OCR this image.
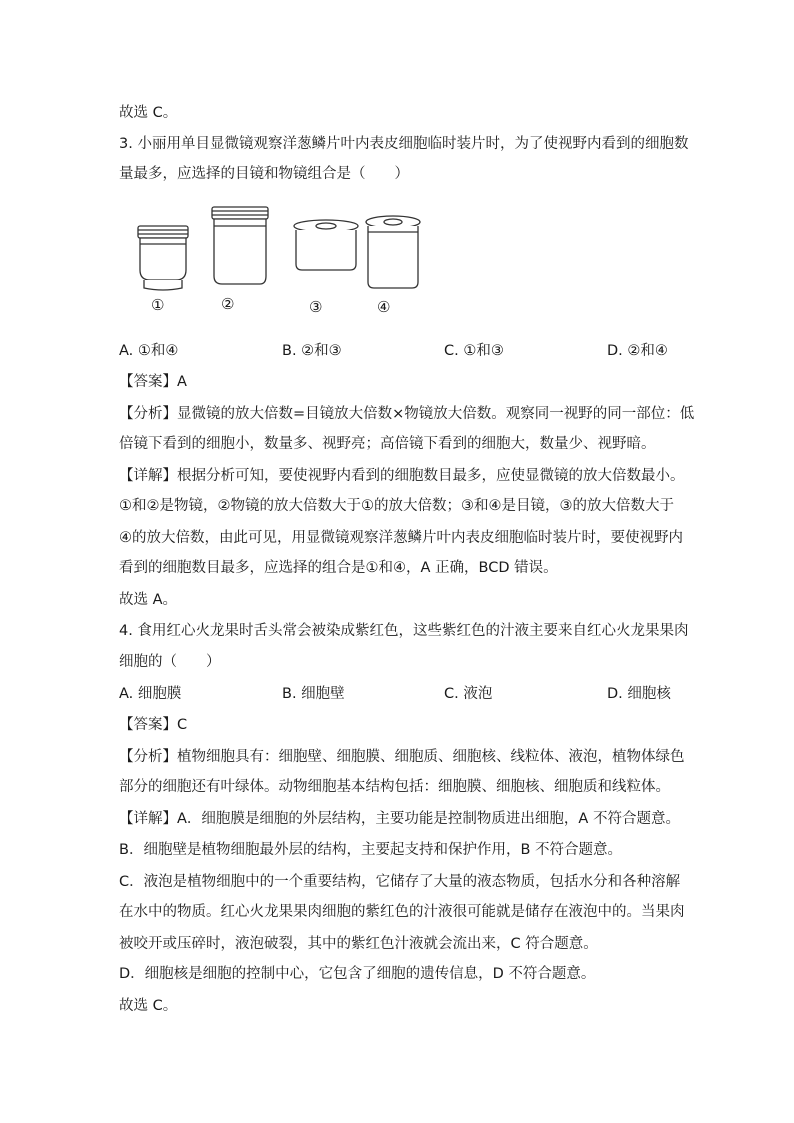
故选 C。
3. 小丽用单目显微镜观察洋葱鳞片叶内表皮细胞临时装片时，为了使视野内看到的细胞数
量最多，应选择的目镜和物镜组合是（　　）
①	②	③	④
A. ①和④	B. ②和③	C. ①和③	D. ②和④
【答案】A
【分析】显微镜的放大倍数=目镜放大倍数×物镜放大倍数。观察同一视野的同一部位：低
倍镜下看到的细胞小，数量多、视野亮；高倍镜下看到的细胞大，数量少、视野暗。
【详解】根据分析可知，要使视野内看到的细胞数目最多，应使显微镜的放大倍数最小。
①和②是物镜，②物镜的放大倍数大于①的放大倍数；③和④是目镜，③的放大倍数大于
④的放大倍数，由此可见，用显微镜观察洋葱鳞片叶内表皮细胞临时装片时，要使视野内
看到的细胞数目最多，应选择的组合是①和④，A 正确，BCD 错误。
故选 A。
4. 食用红心火龙果时舌头常会被染成紫红色，这些紫红色的汁液主要来自红心火龙果果肉
细胞的（　　）
A. 细胞膜	B. 细胞壁	C. 液泡	D. 细胞核
【答案】C
【分析】植物细胞具有：细胞壁、细胞膜、细胞质、细胞核、线粒体、液泡，植物体绿色
部分的细胞还有叶绿体。动物细胞基本结构包括：细胞膜、细胞核、细胞质和线粒体。
【详解】A．细胞膜是细胞的外层结构，主要功能是控制物质进出细胞，A 不符合题意。
B．细胞壁是植物细胞最外层的结构，主要起支持和保护作用，B 不符合题意。
C．液泡是植物细胞中的一个重要结构，它储存了大量的液态物质，包括水分和各种溶解
在水中的物质。红心火龙果果肉细胞的紫红色的汁液很可能就是储存在液泡中的。当果肉
被咬开或压碎时，液泡破裂，其中的紫红色汁液就会流出来，C 符合题意。
D．细胞核是细胞的控制中心，它包含了细胞的遗传信息，D 不符合题意。
故选 C。
